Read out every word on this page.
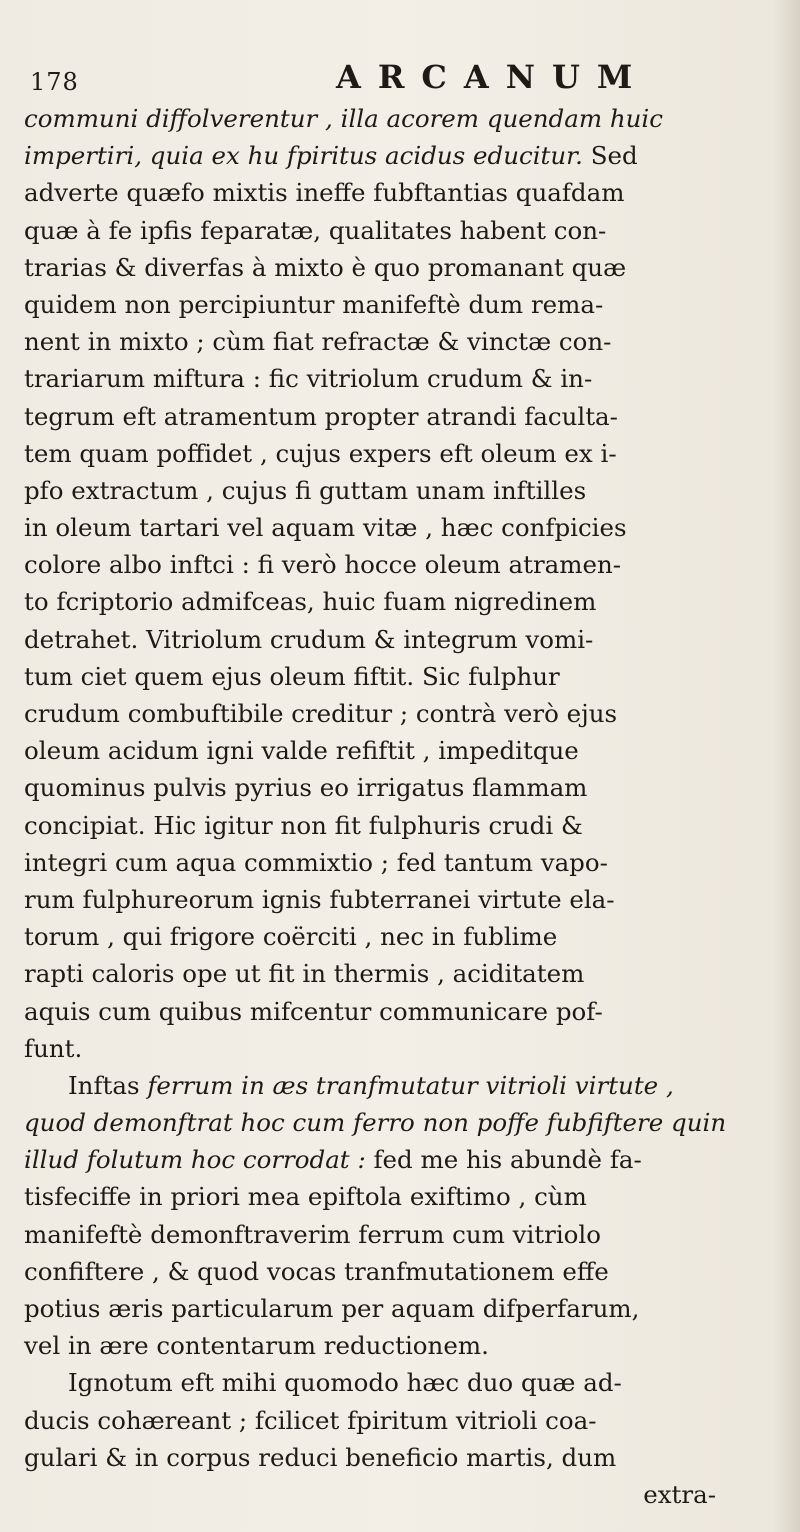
178	ARCANUM
communi diffolverentur , illa acorem quendam huic
impertiri, quia ex hu fpiritus acidus educitur. Sed
adverte quæfo mixtis ineffe fubftantias quafdam
quæ à fe ipfis feparatæ, qualitates habent con-
trarias & diverfas à mixto è quo promanant quæ
quidem non percipiuntur manifeftè dum rema-
nent in mixto ; cùm fiat refractæ & vinctæ con-
trariarum miftura : fic vitriolum crudum & in-
tegrum eft atramentum propter atrandi faculta-
tem quam poffidet , cujus expers eft oleum ex i-
pfo extractum , cujus fi guttam unam inftilles
in oleum tartari vel aquam vitæ , hæc confpicies
colore albo inftci : fi verò hocce oleum atramen-
to fcriptorio admifceas, huic fuam nigredinem
detrahet. Vitriolum crudum & integrum vomi-
tum ciet quem ejus oleum fiftit. Sic fulphur
crudum combuftibile creditur ; contrà verò ejus
oleum acidum igni valde refiftit , impeditque
quominus pulvis pyrius eo irrigatus flammam
concipiat. Hic igitur non fit fulphuris crudi &
integri cum aqua commixtio ; fed tantum vapo-
rum fulphureorum ignis fubterranei virtute ela-
torum , qui frigore coërciti , nec in fublime
rapti caloris ope ut fit in thermis , aciditatem
aquis cum quibus mifcentur communicare pof-
funt.
Inftas ferrum in æs tranfmutatur vitrioli virtute ,
quod demonftrat hoc cum ferro non poffe fubfiftere quin
illud folutum hoc corrodat : fed me his abundè fa-
tisfeciffe in priori mea epiftola exiftimo , cùm
manifeftè demonftraverim ferrum cum vitriolo
confiftere , & quod vocas tranfmutationem effe
potius æris particularum per aquam difperfarum,
vel in ære contentarum reductionem.
Ignotum eft mihi quomodo hæc duo quæ ad-
ducis cohæreant ; fcilicet fpiritum vitrioli coa-
gulari & in corpus reduci beneficio martis, dum
extra-
